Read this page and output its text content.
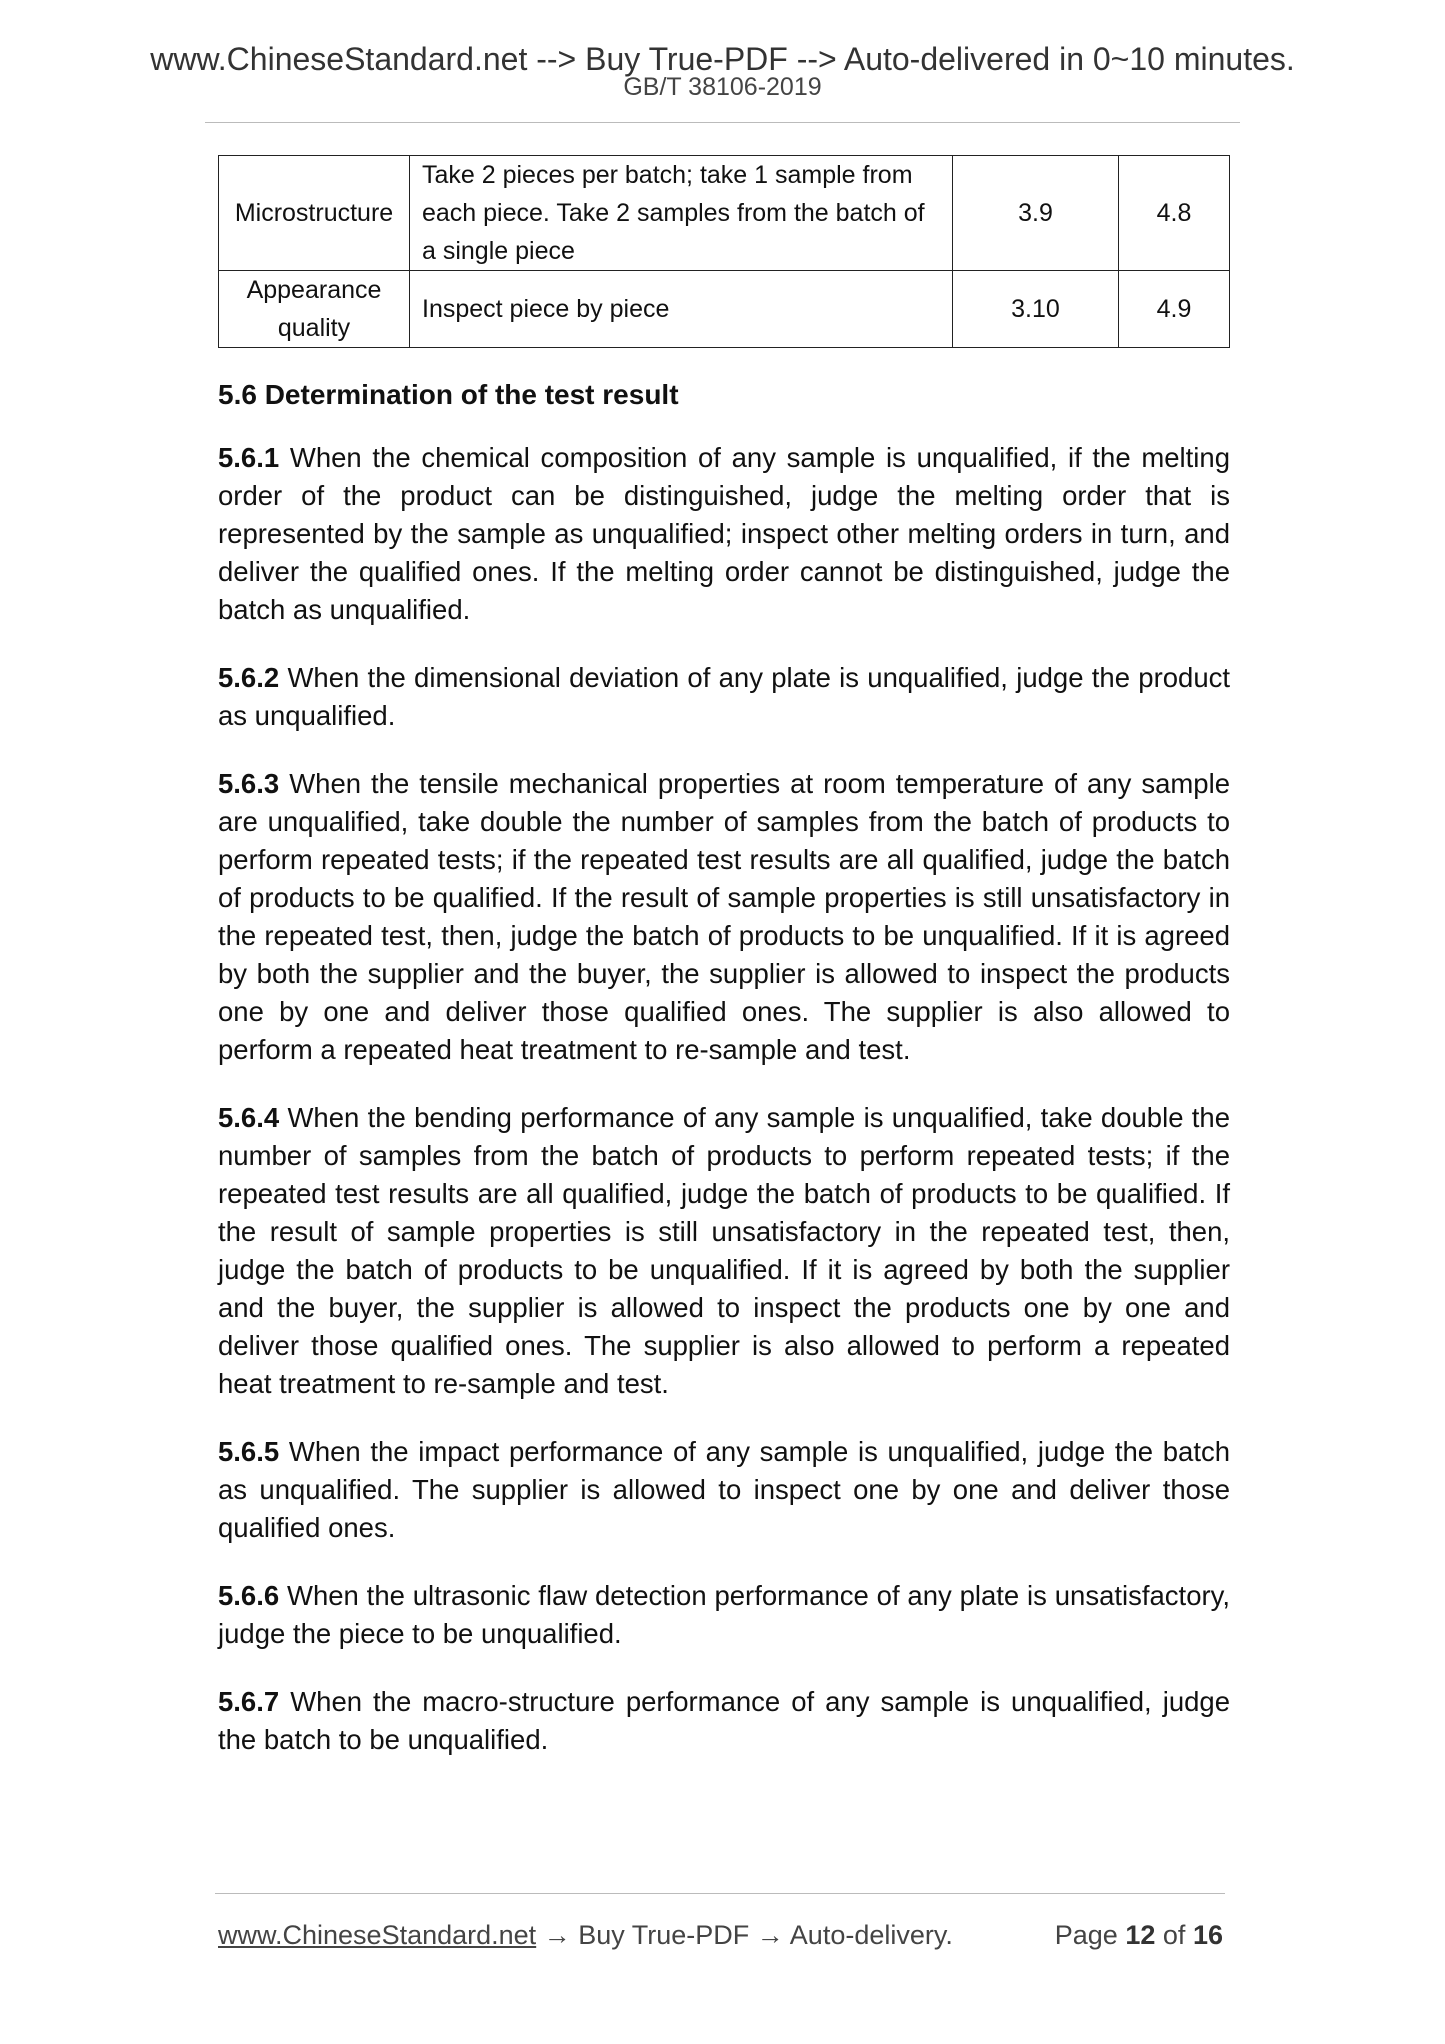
www.ChineseStandard.net --> Buy True-PDF --> Auto-delivered in 0~10 minutes.
GB/T 38106-2019
Microstructure	Take 2 pieces per batch; take 1 sample from each piece. Take 2 samples from the batch of a single piece	3.9	4.8
Appearance quality	Inspect piece by piece	3.10	4.9
5.6 Determination of the test result

5.6.1 When the chemical composition of any sample is unqualified, if the melting order of the product can be distinguished, judge the melting order that is represented by the sample as unqualified; inspect other melting orders in turn, and deliver the qualified ones. If the melting order cannot be distinguished, judge the batch as unqualified.

5.6.2 When the dimensional deviation of any plate is unqualified, judge the product as unqualified.

5.6.3 When the tensile mechanical properties at room temperature of any sample are unqualified, take double the number of samples from the batch of products to perform repeated tests; if the repeated test results are all qualified, judge the batch of products to be qualified. If the result of sample properties is still unsatisfactory in the repeated test, then, judge the batch of products to be unqualified. If it is agreed by both the supplier and the buyer, the supplier is allowed to inspect the products one by one and deliver those qualified ones. The supplier is also allowed to perform a repeated heat treatment to re-sample and test.

5.6.4 When the bending performance of any sample is unqualified, take double the number of samples from the batch of products to perform repeated tests; if the repeated test results are all qualified, judge the batch of products to be qualified. If the result of sample properties is still unsatisfactory in the repeated test, then, judge the batch of products to be unqualified. If it is agreed by both the supplier and the buyer, the supplier is allowed to inspect the products one by one and deliver those qualified ones. The supplier is also allowed to perform a repeated heat treatment to re-sample and test.

5.6.5 When the impact performance of any sample is unqualified, judge the batch as unqualified. The supplier is allowed to inspect one by one and deliver those qualified ones.

5.6.6 When the ultrasonic flaw detection performance of any plate is unsatisfactory, judge the piece to be unqualified.

5.6.7 When the macro-structure performance of any sample is unqualified, judge the batch to be unqualified.

www.ChineseStandard.net → Buy True-PDF → Auto-delivery.	Page 12 of 16
